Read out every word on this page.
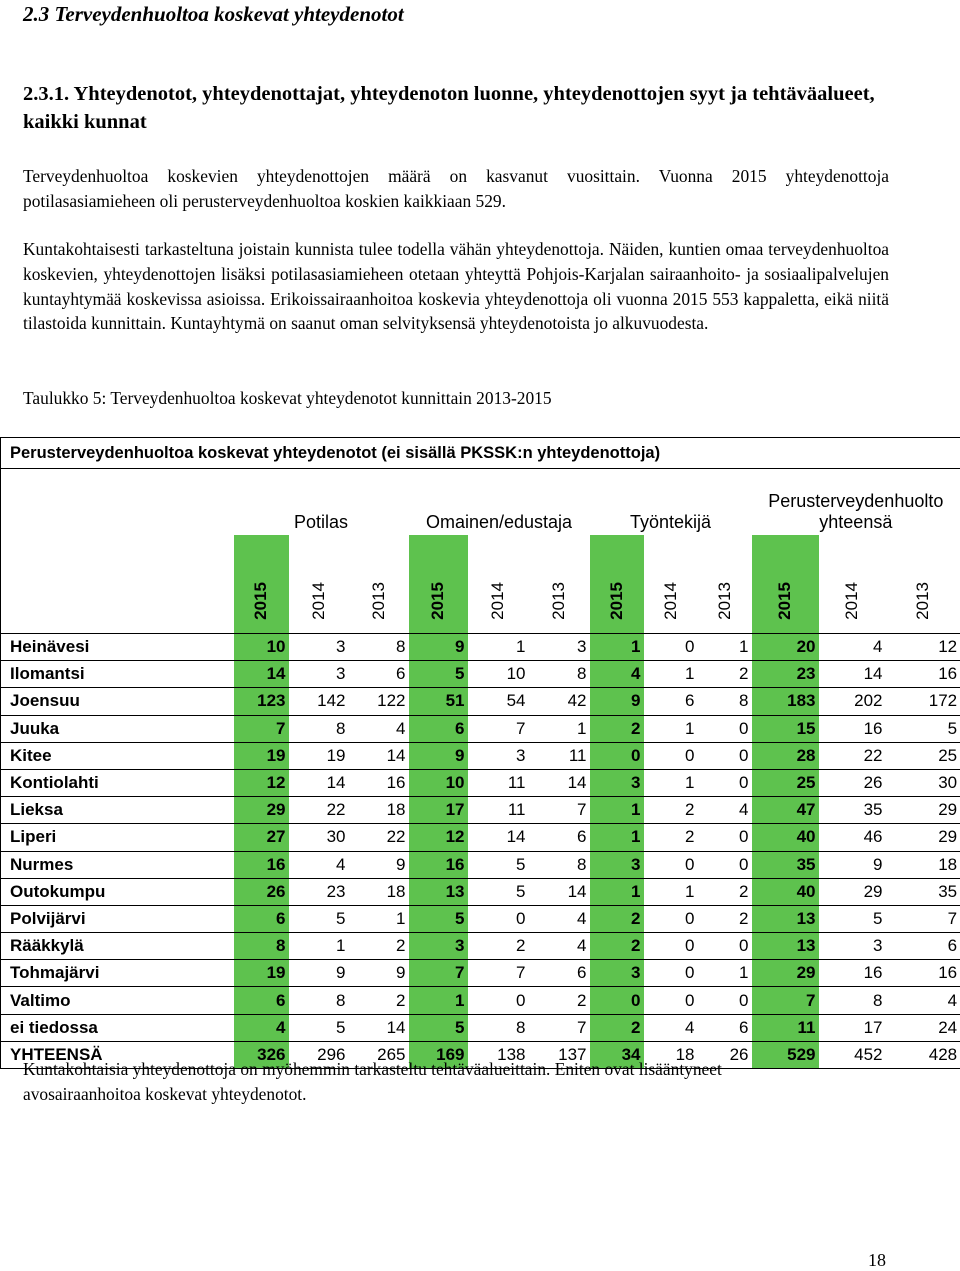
2.3 Terveydenhuoltoa koskevat yhteydenotot
2.3.1. Yhteydenotot, yhteydenottajat, yhteydenoton luonne, yhteydenottojen syyt ja tehtäväalueet, kaikki kunnat

Terveydenhuoltoa koskevien yhteydenottojen määrä on kasvanut vuosittain. Vuonna 2015 yhteydenottoja potilasasiamieheen oli perusterveydenhuoltoa koskien kaikkiaan 529.

Kuntakohtaisesti tarkasteltuna joistain kunnista tulee todella vähän yhteydenottoja. Näiden, kuntien omaa terveydenhuoltoa koskevien, yhteydenottojen lisäksi potilasasiamieheen otetaan yhteyttä Pohjois-Karjalan sairaanhoito- ja sosiaalipalvelujen kuntayhtymää koskevissa asioissa. Erikoissairaanhoitoa koskevia yhteydenottoja oli vuonna 2015 553 kappaletta, eikä niitä tilastoida kunnittain. Kuntayhtymä on saanut oman selvityksensä yhteydenotoista jo alkuvuodesta.

Taulukko 5: Terveydenhuoltoa koskevat yhteydenotot kunnittain 2013-2015
Perusterveydenhuoltoa koskevat yhteydenotot (ei sisällä PKSSK:n yhteydenottoja)												
	Potilas			Omainen/edustaja			Työntekijä			Perusterveydenhuolto yhteensä		
	2015	2014	2013	2015	2014	2013	2015	2014	2013	2015	2014	2013
Heinävesi	10	3	8	9	1	3	1	0	1	20	4	12
Ilomantsi	14	3	6	5	10	8	4	1	2	23	14	16
Joensuu	123	142	122	51	54	42	9	6	8	183	202	172
Juuka	7	8	4	6	7	1	2	1	0	15	16	5
Kitee	19	19	14	9	3	11	0	0	0	28	22	25
Kontiolahti	12	14	16	10	11	14	3	1	0	25	26	30
Lieksa	29	22	18	17	11	7	1	2	4	47	35	29
Liperi	27	30	22	12	14	6	1	2	0	40	46	29
Nurmes	16	4	9	16	5	8	3	0	0	35	9	18
Outokumpu	26	23	18	13	5	14	1	1	2	40	29	35
Polvijärvi	6	5	1	5	0	4	2	0	2	13	5	7
Rääkkylä	8	1	2	3	2	4	2	0	0	13	3	6
Tohmajärvi	19	9	9	7	7	6	3	0	1	29	16	16
Valtimo	6	8	2	1	0	2	0	0	0	7	8	4
ei tiedossa	4	5	14	5	8	7	2	4	6	11	17	24
YHTEENSÄ	326	296	265	169	138	137	34	18	26	529	452	428

Kuntakohtaisia yhteydenottoja on myöhemmin tarkasteltu tehtäväalueittain. Eniten ovat lisääntyneet avosairaanhoitoa koskevat yhteydenotot.

18
